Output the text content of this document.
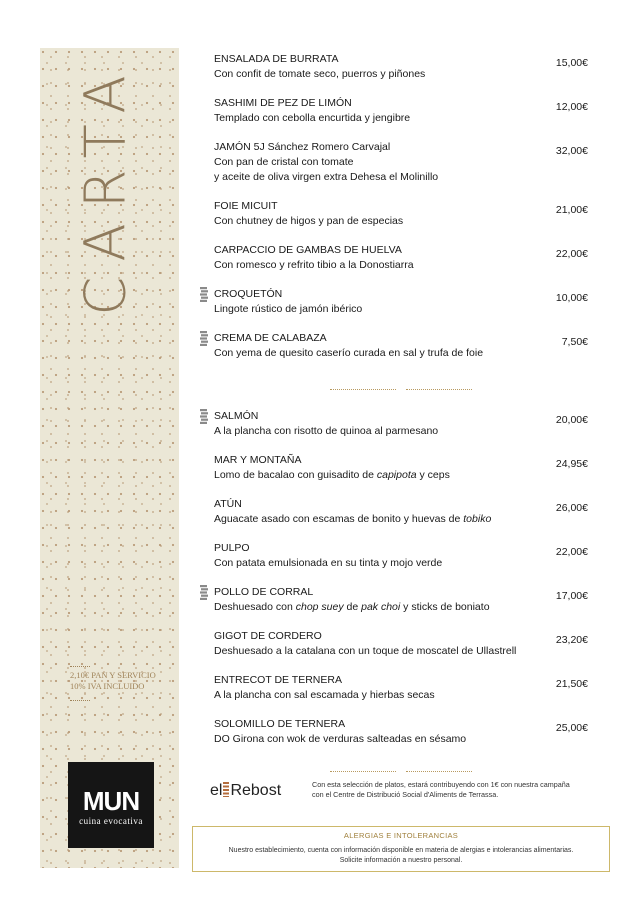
CARTA
2,10€ PAN Y SERVICIO
10% IVA INCLUIDO
MUN
cuina evocativa
ENSALADA DE BURRATA
Con confit de tomate seco, puerros y piñones
15,00€
SASHIMI DE PEZ DE LIMÓN
Templado con cebolla encurtida y jengibre
12,00€
JAMÓN 5J Sánchez Romero Carvajal
Con pan de cristal con tomate
y aceite de oliva virgen extra Dehesa el Molinillo
32,00€
FOIE MICUIT
Con chutney de higos y pan de especias
21,00€
CARPACCIO DE GAMBAS DE HUELVA
Con romesco y refrito tibio a la Donostiarra
22,00€
CROQUETÓN
Lingote rústico de jamón ibérico
10,00€
CREMA DE CALABAZA
Con yema de quesito caserío curada en sal y trufa de foie
7,50€
SALMÓN
A la plancha con risotto de quinoa al parmesano
20,00€
MAR Y MONTAÑA
Lomo de bacalao con guisadito de capipota y ceps
24,95€
ATÚN
Aguacate asado con escamas de bonito y huevas de tobiko
26,00€
PULPO
Con patata emulsionada en su tinta y mojo verde
22,00€
POLLO DE CORRAL
Deshuesado con chop suey de pak choi y sticks de boniato
17,00€
GIGOT DE CORDERO
Deshuesado a la catalana con un toque de moscatel de Ullastrell
23,20€
ENTRECOT DE TERNERA
A la plancha con sal escamada y hierbas secas
21,50€
SOLOMILLO DE TERNERA
DO Girona con wok de verduras salteadas en sésamo
25,00€
el Rebost	Con esta selección de platos, estará contribuyendo con 1€ con nuestra campaña
con el Centre de Distribució Social d'Aliments de Terrassa.
ALERGIAS E INTOLERANCIAS
Nuestro establecimiento, cuenta con información disponible en materia de alergias e intolerancias alimentarias.
Solicite información a nuestro personal.
